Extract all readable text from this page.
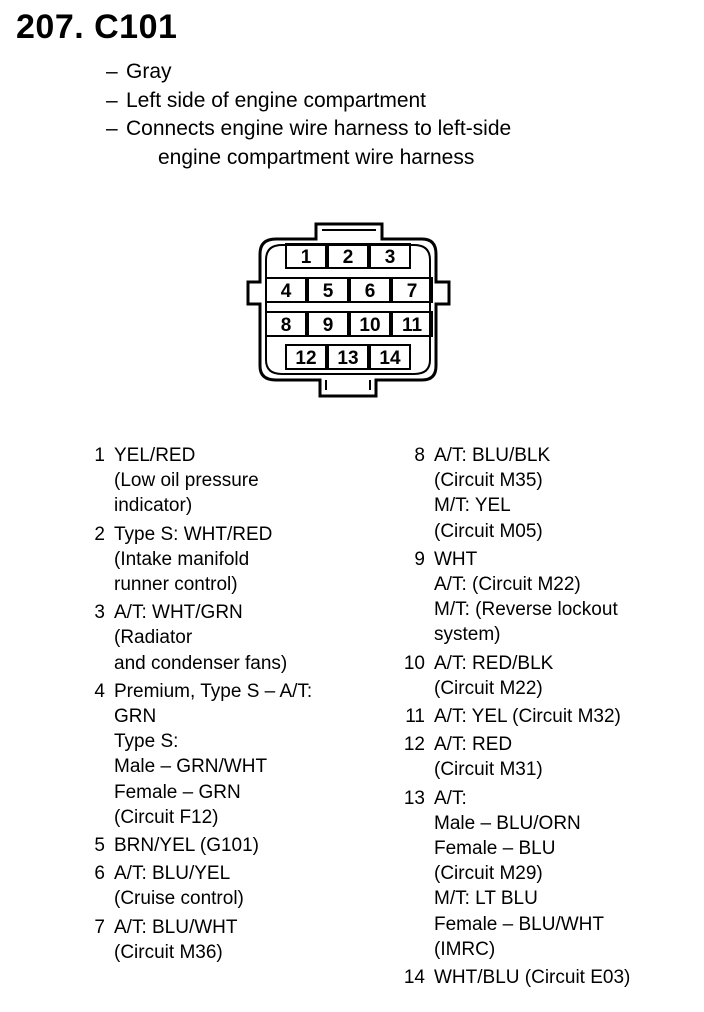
207. C101
– Gray
– Left side of engine compartment
– Connects engine wire harness to left-side
engine compartment wire harness
1 2 3
4 5 6 7
8 9 10 11
12 13 14
1 YEL/RED
(Low oil pressure
indicator)
2 Type S: WHT/RED
(Intake manifold
runner control)
3 A/T: WHT/GRN
(Radiator
and condenser fans)
4 Premium, Type S – A/T:
GRN
Type S:
Male – GRN/WHT
Female – GRN
(Circuit F12)
5 BRN/YEL (G101)
6 A/T: BLU/YEL
(Cruise control)
7 A/T: BLU/WHT
(Circuit M36)
8 A/T: BLU/BLK
(Circuit M35)
M/T: YEL
(Circuit M05)
9 WHT
A/T: (Circuit M22)
M/T: (Reverse lockout
system)
10 A/T: RED/BLK
(Circuit M22)
11 A/T: YEL (Circuit M32)
12 A/T: RED
(Circuit M31)
13 A/T:
Male – BLU/ORN
Female – BLU
(Circuit M29)
M/T: LT BLU
Female – BLU/WHT
(IMRC)
14 WHT/BLU (Circuit E03)
